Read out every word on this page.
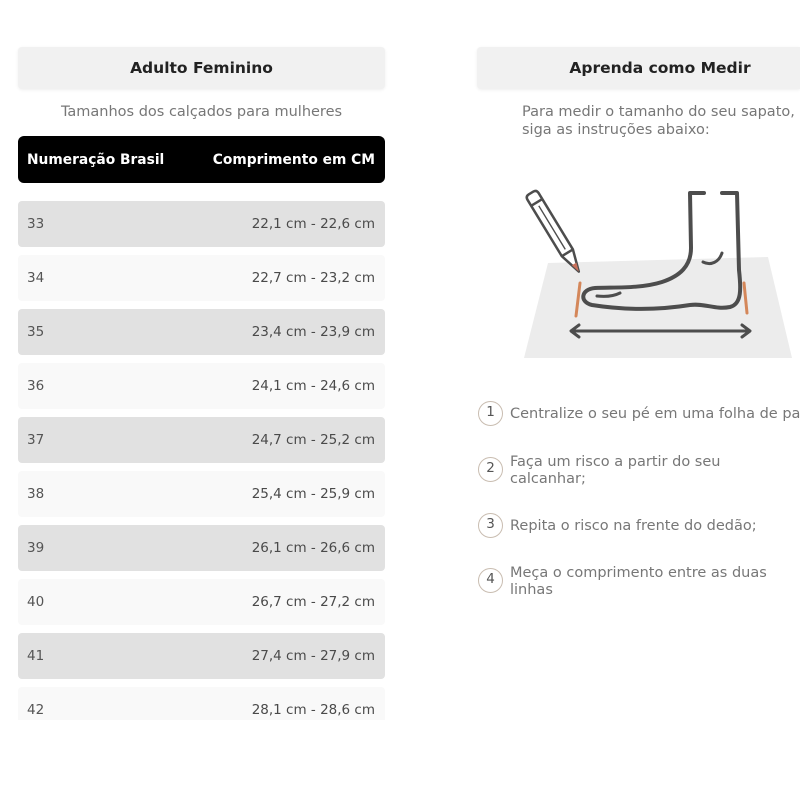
Adulto Feminino
Tamanhos dos calçados para mulheres
Numeração Brasil	Comprimento em CM
33	22,1 cm - 22,6 cm
34	22,7 cm - 23,2 cm
35	23,4 cm - 23,9 cm
36	24,1 cm - 24,6 cm
37	24,7 cm - 25,2 cm
38	25,4 cm - 25,9 cm
39	26,1 cm - 26,6 cm
40	26,7 cm - 27,2 cm
41	27,4 cm - 27,9 cm
42	28,1 cm - 28,6 cm
Aprenda como Medir
Para medir o tamanho do seu sapato,
siga as instruções abaixo:
1	Centralize o seu pé em uma folha de pa
2	Faça um risco a partir do seu
calcanhar;
3	Repita o risco na frente do dedão;
4	Meça o comprimento entre as duas
linhas
